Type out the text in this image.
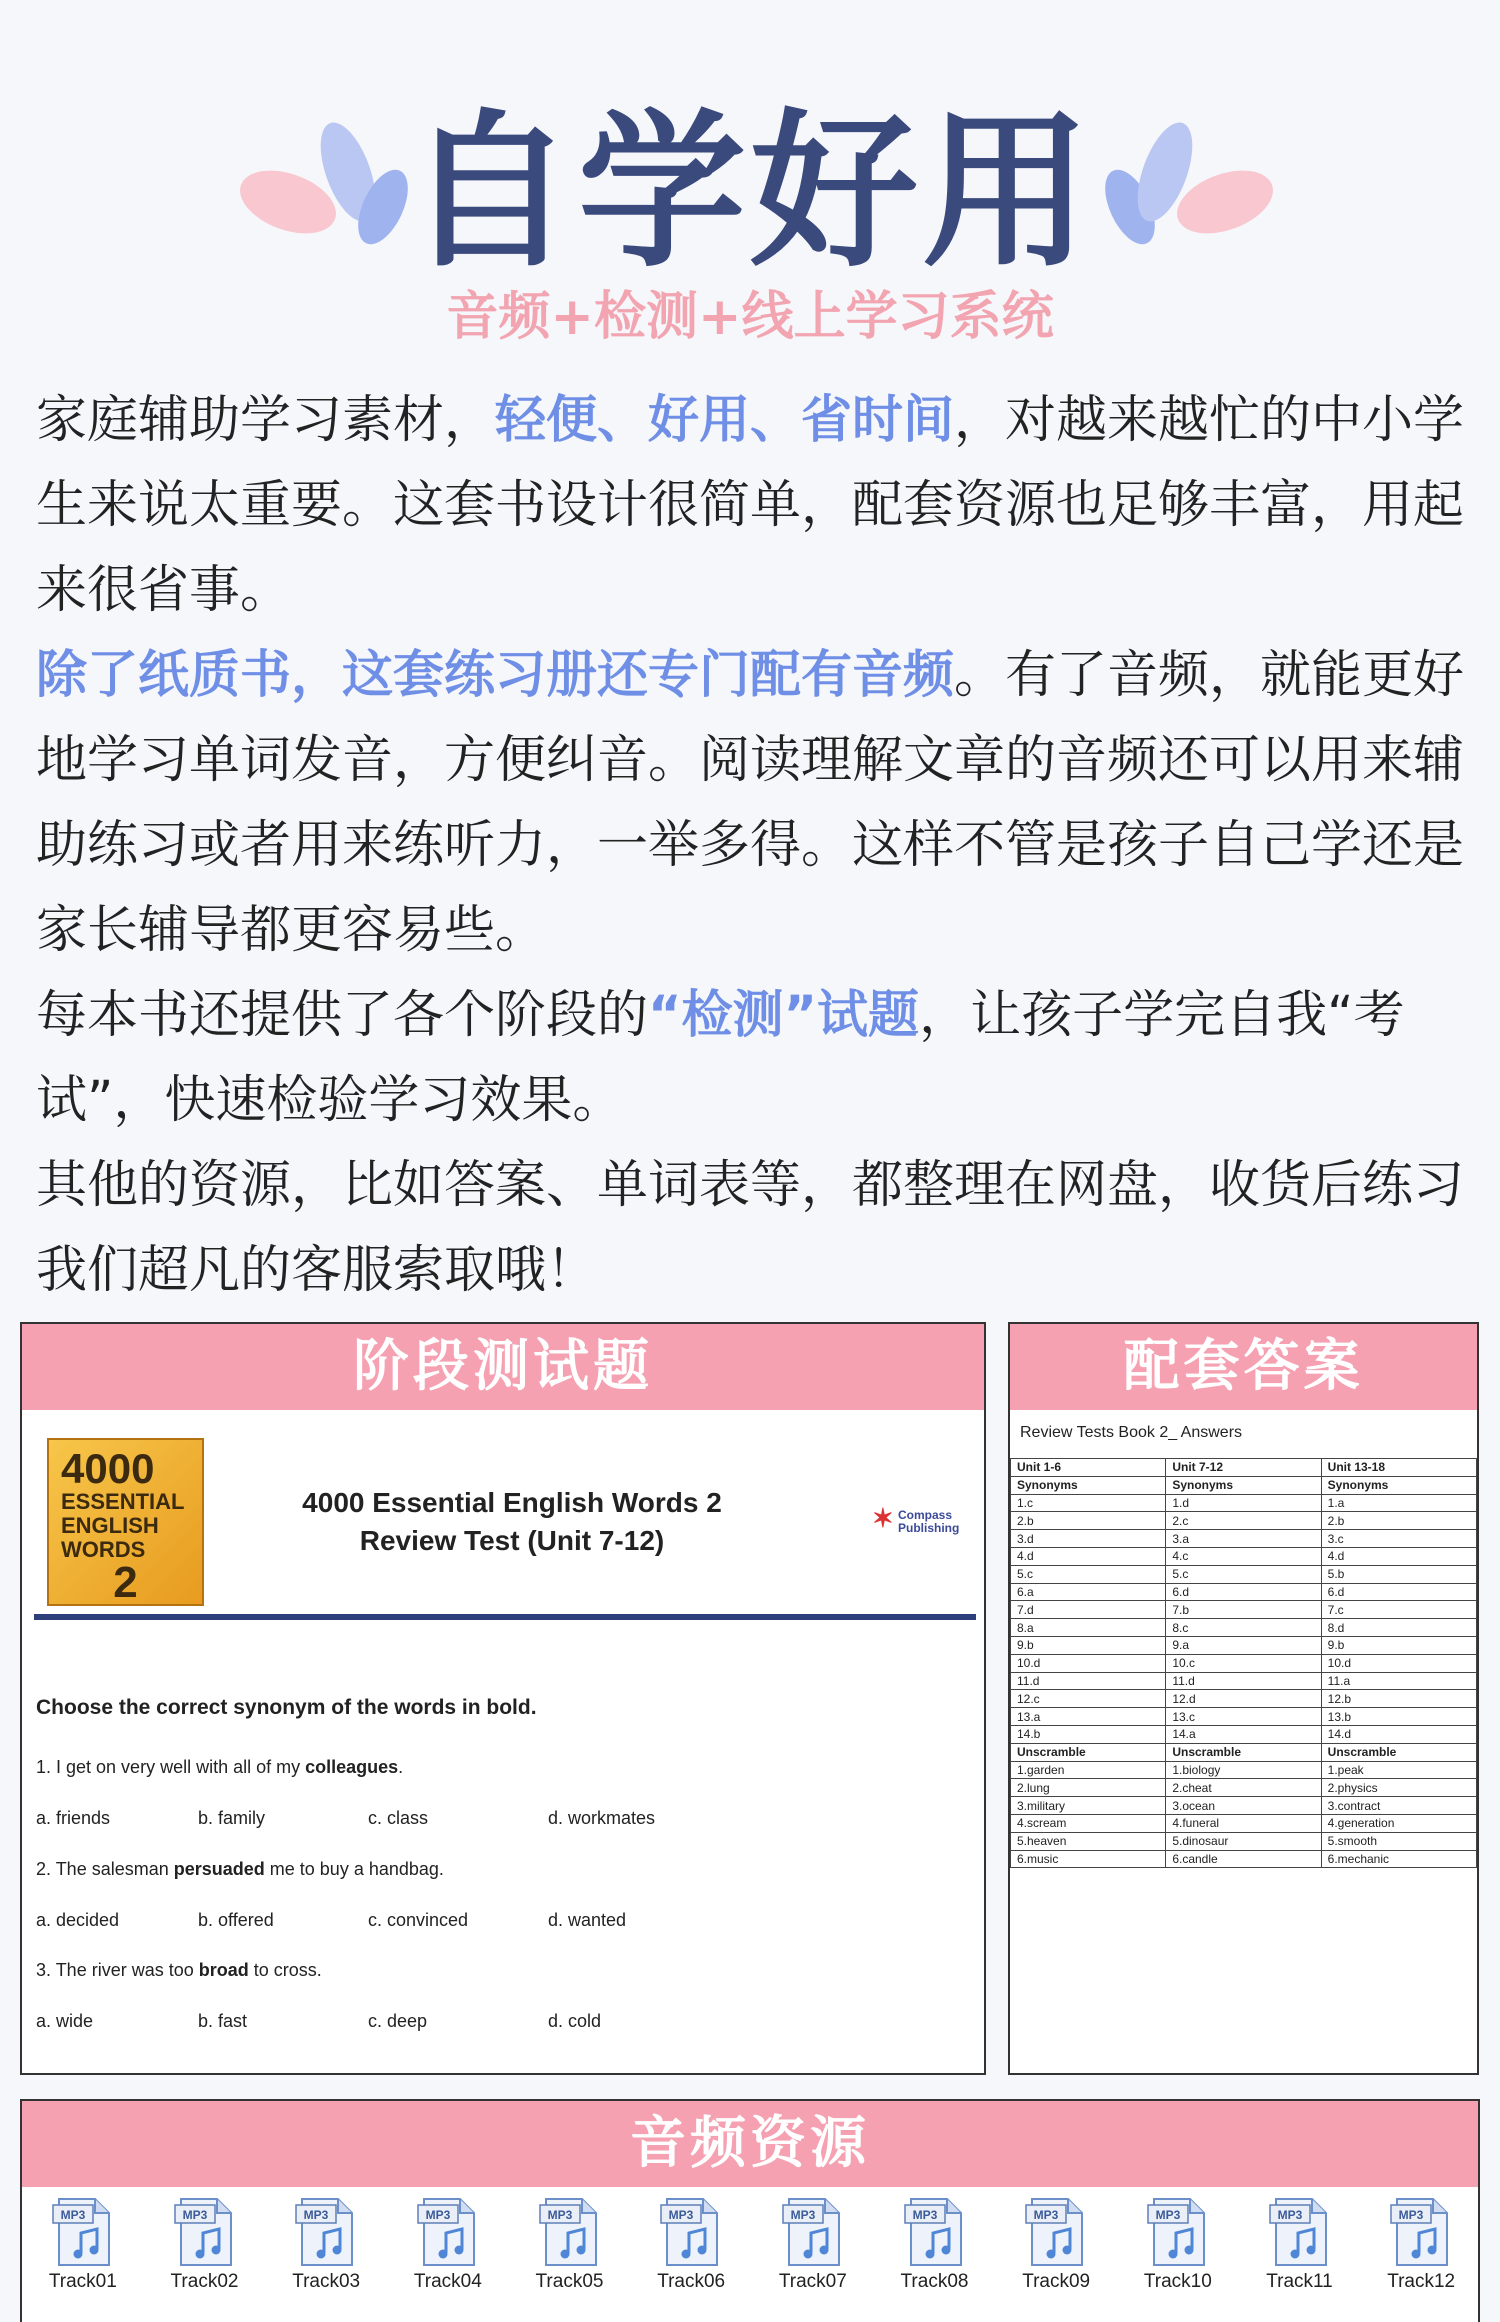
自学好用
音频+检测+线上学习系统

家庭辅助学习素材，轻便、好用、省时间，对越来越忙的中小学生来说太重要。这套书设计很简单，配套资源也足够丰富，用起来很省事。

除了纸质书，这套练习册还专门配有音频。有了音频，就能更好地学习单词发音，方便纠音。阅读理解文章的音频还可以用来辅助练习或者用来练听力，一举多得。这样不管是孩子自己学还是家长辅导都更容易些。

每本书还提供了各个阶段的“检测”试题，让孩子学完自我“考试”，快速检验学习效果。

其他的资源，比如答案、单词表等，都整理在网盘，收货后练习我们超凡的客服索取哦！

阶段测试题
4000
ESSENTIAL
ENGLISH
WORDS
2
4000 Essential English Words 2
Review Test (Unit 7-12)
✶ Compass Publishing
Choose the correct synonym of the words in bold.
1. I get on very well with all of my colleagues.
a. friends	b. family	c. class	d. workmates
2. The salesman persuaded me to buy a handbag.
a. decided	b. offered	c. convinced	d. wanted
3. The river was too broad to cross.
a. wide	b. fast	c. deep	d. cold
配套答案
Review Tests Book 2_ Answers
Unit 1-6	Unit 7-12	Unit 13-18
Synonyms	Synonyms	Synonyms
1.c	1.d	1.a
2.b	2.c	2.b
3.d	3.a	3.c
4.d	4.c	4.d
5.c	5.c	5.b
6.a	6.d	6.d
7.d	7.b	7.c
8.a	8.c	8.d
9.b	9.a	9.b
10.d	10.c	10.d
11.d	11.d	11.a
12.c	12.d	12.b
13.a	13.c	13.b
14.b	14.a	14.d
Unscramble	Unscramble	Unscramble
1.garden	1.biology	1.peak
2.lung	2.cheat	2.physics
3.military	3.ocean	3.contract
4.scream	4.funeral	4.generation
5.heaven	5.dinosaur	5.smooth
6.music	6.candle	6.mechanic
音频资源
MP3
Track01
MP3
Track02
MP3
Track03
MP3
Track04
MP3
Track05
MP3
Track06
MP3
Track07
MP3
Track08
MP3
Track09
MP3
Track10
MP3
Track11
MP3
Track12
